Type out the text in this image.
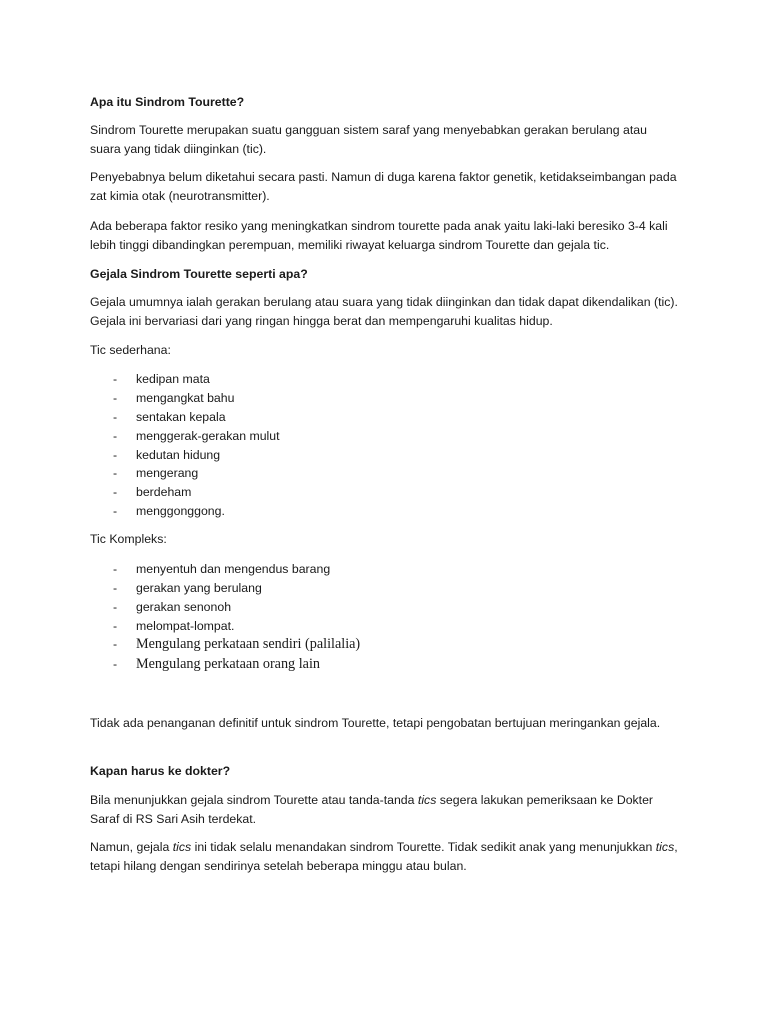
Apa itu Sindrom Tourette?

Sindrom Tourette merupakan suatu gangguan sistem saraf yang menyebabkan gerakan berulang atau suara yang tidak diinginkan (tic).

Penyebabnya belum diketahui secara pasti. Namun di duga karena faktor genetik, ketidakseimbangan pada zat kimia otak (neurotransmitter).

Ada beberapa faktor resiko yang meningkatkan sindrom tourette pada anak yaitu laki-laki beresiko 3-4 kali lebih tinggi dibandingkan perempuan, memiliki riwayat keluarga sindrom Tourette dan gejala tic.

Gejala Sindrom Tourette seperti apa?

Gejala umumnya ialah gerakan berulang atau suara yang tidak diinginkan dan tidak dapat dikendalikan (tic). Gejala ini bervariasi dari yang ringan hingga berat dan mempengaruhi kualitas hidup.

Tic sederhana:

- kedipan mata
- mengangkat bahu
- sentakan kepala
- menggerak-gerakan mulut
- kedutan hidung
- mengerang
- berdeham
- menggonggong.

Tic Kompleks:

- menyentuh dan mengendus barang
- gerakan yang berulang
- gerakan senonoh
- melompat-lompat.
- Mengulang perkataan sendiri (palilalia)
- Mengulang perkataan orang lain

Tidak ada penanganan definitif untuk sindrom Tourette, tetapi pengobatan bertujuan meringankan gejala.

Kapan harus ke dokter?

Bila menunjukkan gejala sindrom Tourette atau tanda-tanda tics segera lakukan pemeriksaan ke Dokter Saraf di RS Sari Asih terdekat.

Namun, gejala tics ini tidak selalu menandakan sindrom Tourette. Tidak sedikit anak yang menunjukkan tics, tetapi hilang dengan sendirinya setelah beberapa minggu atau bulan.
